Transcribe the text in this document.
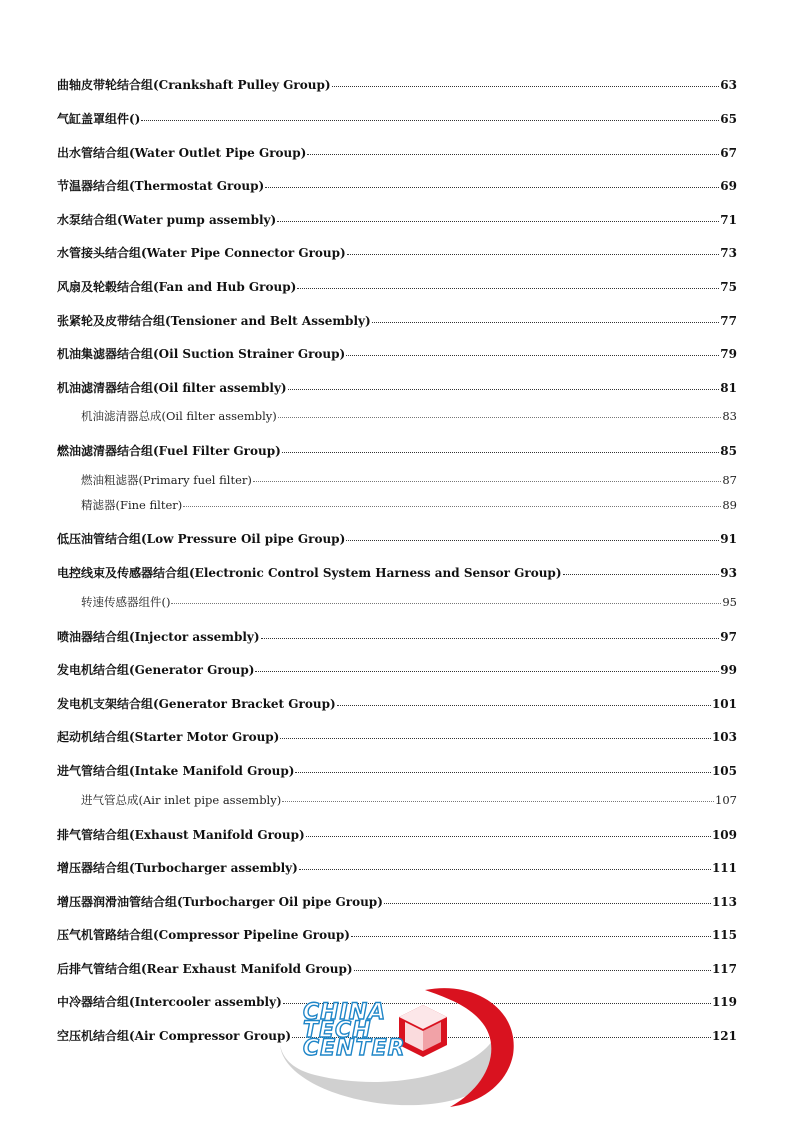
曲轴皮带轮结合组(Crankshaft Pulley Group)	63
气缸盖罩组件()	65
出水管结合组(Water Outlet Pipe Group)	67
节温器结合组(Thermostat Group)	69
水泵结合组(Water pump assembly)	71
水管接头结合组(Water Pipe Connector Group)	73
风扇及轮毂结合组(Fan and Hub Group)	75
张紧轮及皮带结合组(Tensioner and Belt Assembly)	77
机油集滤器结合组(Oil Suction Strainer Group)	79
机油滤清器结合组(Oil filter assembly)	81
机油滤清器总成(Oil filter assembly)	83
燃油滤清器结合组(Fuel Filter Group)	85
燃油粗滤器(Primary fuel filter)	87
精滤器(Fine filter)	89
低压油管结合组(Low Pressure Oil pipe Group)	91
电控线束及传感器结合组(Electronic Control System Harness and Sensor Group)	93
转速传感器组件()	95
喷油器结合组(Injector assembly)	97
发电机结合组(Generator Group)	99
发电机支架结合组(Generator Bracket Group)	101
起动机结合组(Starter Motor Group)	103
进气管结合组(Intake Manifold Group)	105
进气管总成(Air inlet pipe assembly)	107
排气管结合组(Exhaust Manifold Group)	109
增压器结合组(Turbocharger assembly)	111
增压器润滑油管结合组(Turbocharger Oil pipe Group)	113
压气机管路结合组(Compressor Pipeline Group)	115
后排气管结合组(Rear Exhaust Manifold Group)	117
中冷器结合组(Intercooler assembly)	119
空压机结合组(Air Compressor Group)	121
CHINA
TECH
CENTER
